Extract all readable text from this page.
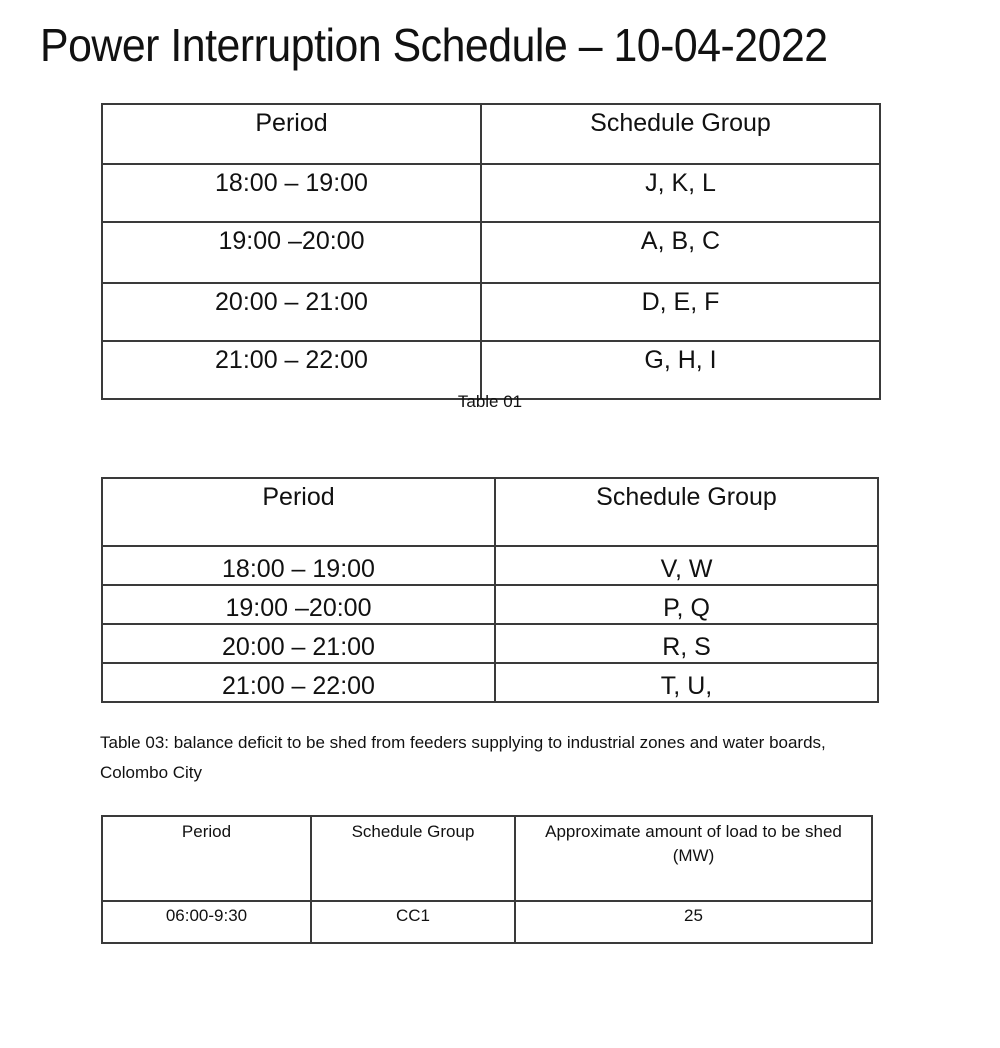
Power Interruption Schedule – 10-04-2022
Period	Schedule Group
18:00 – 19:00	J, K, L
19:00 –20:00	A, B, C
20:00 – 21:00	D, E, F
21:00 – 22:00	G, H, I
Table 01
Period	Schedule Group
18:00 – 19:00	V, W
19:00 –20:00	P, Q
20:00 – 21:00	R, S
21:00 – 22:00	T, U,
Table 03: balance deficit to be shed from feeders supplying to industrial zones and water boards,
Colombo City
Period	Schedule Group	Approximate amount of load to be shed (MW)
06:00-9:30	CC1	25
